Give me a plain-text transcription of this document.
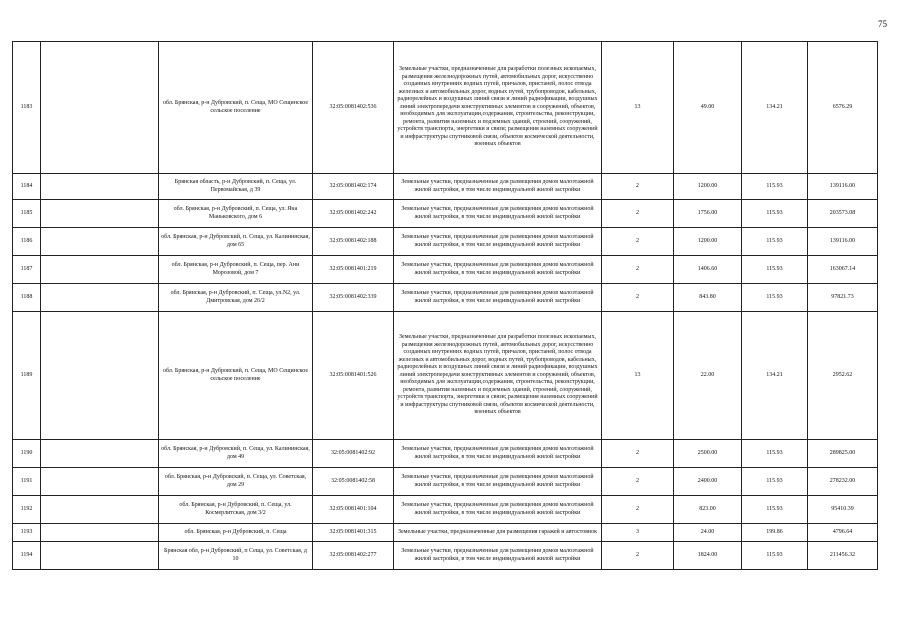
75
1183		обл. Брянская, р-н Дубровский, п. Сеща, МО Сещинское сельское поселение	32:05:0081402:536	Земельные участки, предназначенные для разработки полезных ископаемых, размещения железнодорожных путей, автомобильных дорог, искусственно созданных внутренних водных путей, причалов, пристаней, полос отвода железных и автомобильных дорог, водных путей, трубопроводов, кабельных, радиорелейных и воздушных линий связи и линий радиофикации, воздушных линий электропередачи конструктивных элементов и сооружений, объектов, необходимых для эксплуатации,содержания, строительства, реконструкции, ремонта, развития наземных и подземных зданий, строений, сооружений, устройств транспорта, энергетики и связи; размещения наземных сооружений и инфраструктуры спутниковой связи, объектов космической деятельности, военных объектов	13	49.00	134.21	6576.29
1184		Брянская область, р-н Дубровский, п. Сеща, ул. Первомайская, д 39	32:05:0081402:174	Земельные участки, предназначенные для размещения домов малоэтажной жилой застройки, в том числе индивидуальной жилой застройки	2	1200.00	115.93	139116.00
1185		обл. Брянская, р-н Дубровский, п. Сеща, ул. Яна Маньковского, дом 6	32:05:0081402:242	Земельные участки, предназначенные для размещения домов малоэтажной жилой застройки, в том числе индивидуальной жилой застройки	2	1756.00	115.93	203573.08
1186		обл. Брянская, р-н Дубровский, п. Сеща, ул. Калининская, дом 65	32:05:0081402:188	Земельные участки, предназначенные для размещения домов малоэтажной жилой застройки, в том числе индивидуальной жилой застройки	2	1200.00	115.93	139116.00
1187		обл. Брянская, р-н Дубровский, п. Сеща, пер. Ани Морозовой, дом 7	32:05:0081401:219	Земельные участки, предназначенные для размещения домов малоэтажной жилой застройки, в том числе индивидуальной жилой застройки	2	1406.60	115.93	163067.14
1188		обл. Брянская, р-н Дубровский, п. Сеща, ул.N2, ул. Дмитровская, дом 26/2	32:05:0081402:339	Земельные участки, предназначенные для размещения домов малоэтажной жилой застройки, в том числе индивидуальной жилой застройки	2	843.80	115.93	97821.73
1189		обл. Брянская, р-н Дубровский, п. Сеща, МО Сещинское сельское поселение	32:05:0081401:526	Земельные участки, предназначенные для разработки полезных ископаемых, размещения железнодорожных путей, автомобильных дорог, искусственно созданных внутренних водных путей, причалов, пристаней, полос отвода железных и автомобильных дорог, водных путей, трубопроводов, кабельных, радиорелейных и воздушных линий связи и линий радиофикации, воздушных линий электропередачи конструктивных элементов и сооружений, объектов, необходимых для эксплуатации,содержания, строительства, реконструкции, ремонта, развития наземных и подземных зданий, строений, сооружений, устройств транспорта, энергетики и связи; размещения наземных сооружений и инфраструктуры спутниковой связи, объектов космической деятельности, военных объектов	13	22.00	134.21	2952.62
1190		обл. Брянская, р-н Дубровский, п. Сеща, ул. Калининская, дом 49	32:05:0081402:92	Земельные участки, предназначенные для размещения домов малоэтажной жилой застройки, в том числе индивидуальной жилой застройки	2	2500.00	115.93	289825.00
1191		обл. Брянская, р-н Дубровский, п. Сеща, ул. Советская, дом 29	32:05:0081402:58	Земельные участки, предназначенные для размещения домов малоэтажной жилой застройки, в том числе индивидуальной жилой застройки	2	2400.00	115.93	278232.00
1192		обл. Брянская, р-н Дубровский, п. Сеща, ул. Космерлитская, дом 3/2	32:05:0081401:104	Земельные участки, предназначенные для размещения домов малоэтажной жилой застройки, в том числе индивидуальной жилой застройки	2	823.00	115.93	95410.39
1193		обл. Брянская, р-н Дубровский, п. Сеща	32:05:0081401:315	Земельные участки, предназначенные для размещения гаражей и автостоянок	3	24.00	199.86	4796.64
1194		Брянская обл, р-н Дубровский, п Сеща, ул. Советская, д 10	32:05:0081402:277	Земельные участки, предназначенные для размещения домов малоэтажной жилой застройки, в том числе индивидуальной жилой застройки	2	1824.00	115.93	211456.32
